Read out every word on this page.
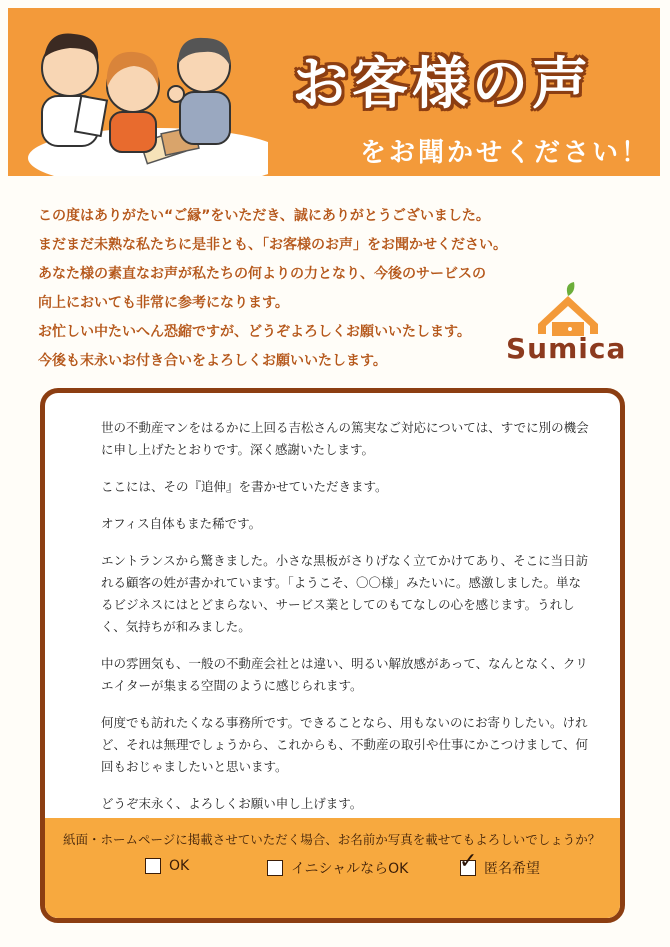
お客様の声
をお聞かせください！
この度はありがたい“ご縁”をいただき、誠にありがとうございました。
まだまだ未熟な私たちに是非とも、「お客様のお声」をお聞かせください。
あなた様の素直なお声が私たちの何よりの力となり、今後のサービスの
向上においても非常に参考になります。
お忙しい中たいへん恐縮ですが、どうぞよろしくお願いいたします。
今後も末永いお付き合いをよろしくお願いいたします。	Sumica

世の不動産マンをはるかに上回る吉松さんの篤実なご対応については、すでに別の機会に申し上げたとおりです。深く感謝いたします。

ここには、その『追伸』を書かせていただきます。

オフィス自体もまた稀です。

エントランスから驚きました。小さな黒板がさりげなく立てかけてあり、そこに当日訪れる顧客の姓が書かれています。「ようこそ、〇〇様」みたいに。感激しました。単なるビジネスにはとどまらない、サービス業としてのもてなしの心を感じます。うれしく、気持ちが和みました。

中の雰囲気も、一般の不動産会社とは違い、明るい解放感があって、なんとなく、クリエイターが集まる空間のように感じられます。

何度でも訪れたくなる事務所です。できることなら、用もないのにお寄りしたい。けれど、それは無理でしょうから、これからも、不動産の取引や仕事にかこつけまして、何回もおじゃましたいと思います。

どうぞ末永く、よろしくお願い申し上げます。

紙面・ホームページに掲載させていただく場合、お名前か写真を載せてもよろしいでしょうか？
OK	イニシャルならOK ✓ 匿名希望
